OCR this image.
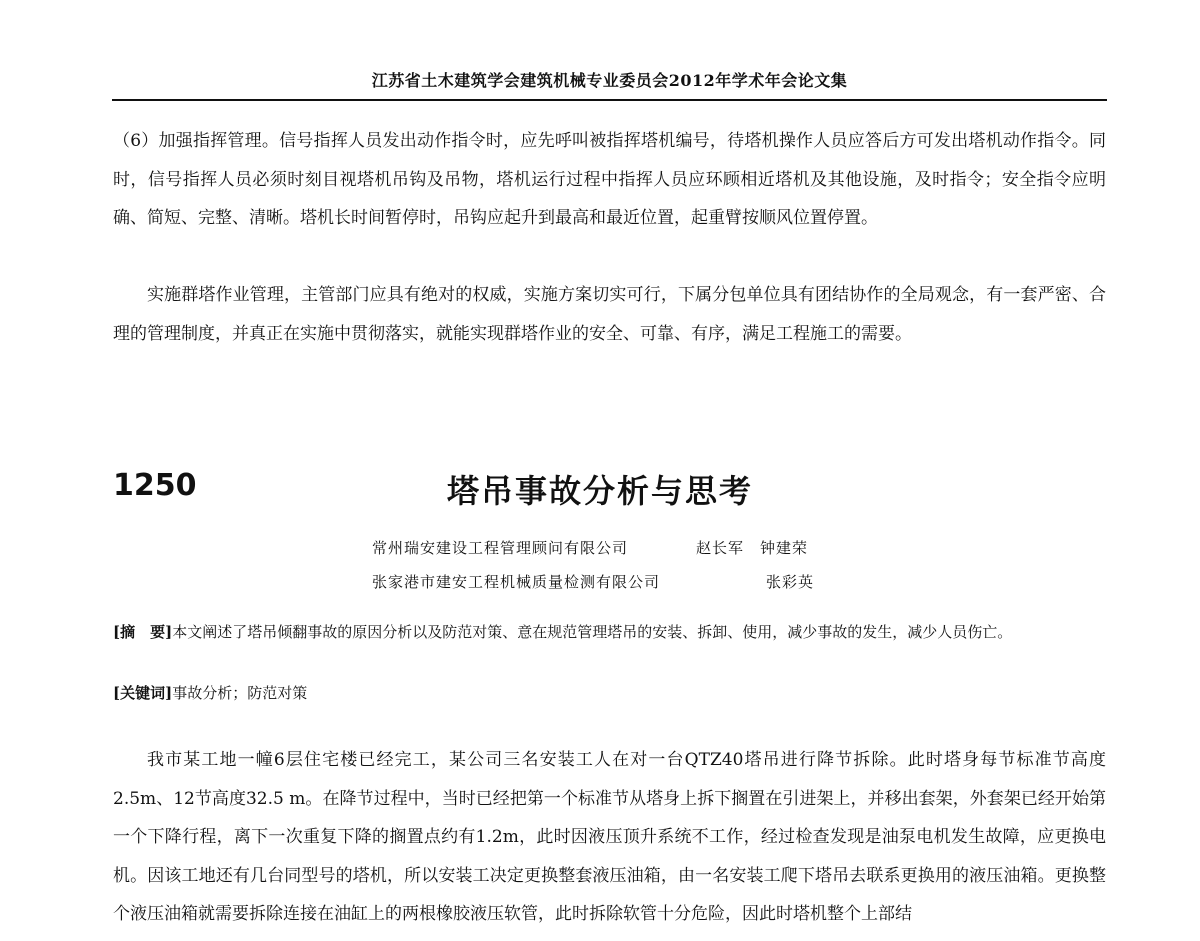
江苏省土木建筑学会建筑机械专业委员会2012年学术年会论文集

（6）加强指挥管理。信号指挥人员发出动作指令时，应先呼叫被指挥塔机编号，待塔机操作人员应答后方可发出塔机动作指令。同时，信号指挥人员必须时刻目视塔机吊钩及吊物，塔机运行过程中指挥人员应环顾相近塔机及其他设施，及时指令；安全指令应明确、简短、完整、清晰。塔机长时间暂停时，吊钩应起升到最高和最近位置，起重臂按顺风位置停置。

实施群塔作业管理，主管部门应具有绝对的权威，实施方案切实可行，下属分包单位具有团结协作的全局观念，有一套严密、合理的管理制度，并真正在实施中贯彻落实，就能实现群塔作业的安全、可靠、有序，满足工程施工的需要。

1250	塔吊事故分析与思考
常州瑞安建设工程管理顾问有限公司	赵长军　钟建荣
张家港市建安工程机械质量检测有限公司	张彩英

[摘　要]本文阐述了塔吊倾翻事故的原因分析以及防范对策、意在规范管理塔吊的安装、拆卸、使用，减少事故的发生，减少人员伤亡。

[关键词]事故分析；防范对策

我市某工地一幢6层住宅楼已经完工，某公司三名安装工人在对一台QTZ40塔吊进行降节拆除。此时塔身每节标准节高度2.5m、12节高度32.5 m。在降节过程中，当时已经把第一个标准节从塔身上拆下搁置在引进架上，并移出套架，外套架已经开始第一个下降行程，离下一次重复下降的搁置点约有1.2m，此时因液压顶升系统不工作，经过检查发现是油泵电机发生故障，应更换电机。因该工地还有几台同型号的塔机，所以安装工决定更换整套液压油箱，由一名安装工爬下塔吊去联系更换用的液压油箱。更换整个液压油箱就需要拆除连接在油缸上的两根橡胶液压软管，此时拆除软管十分危险，因此时塔机整个上部结
